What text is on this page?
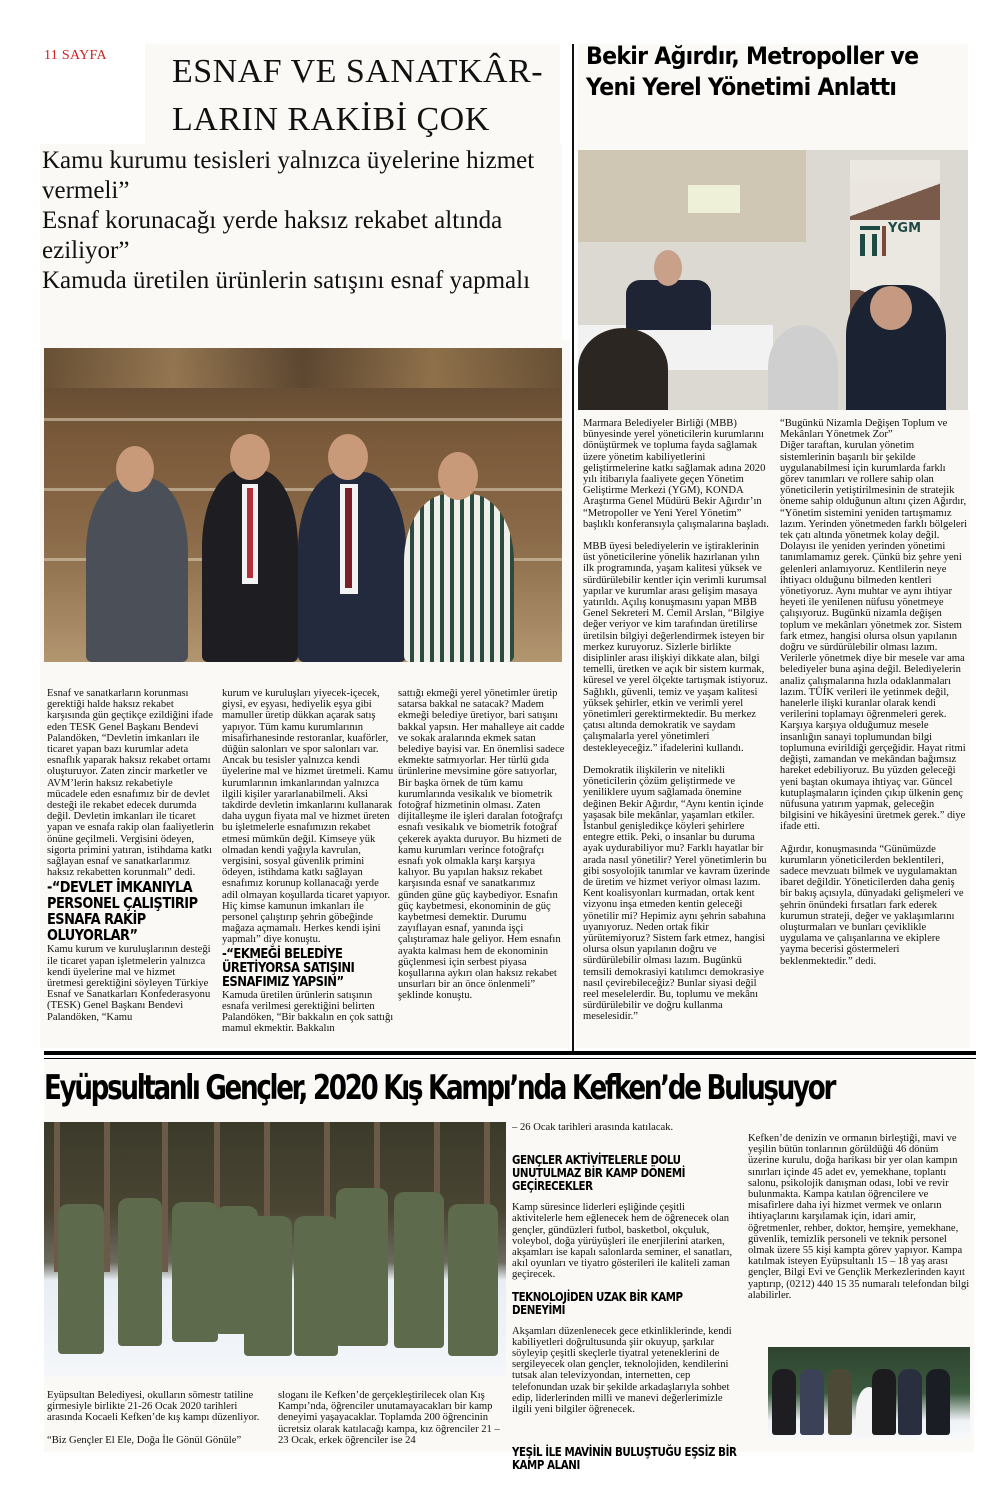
11 SAYFA ESNAF VE SANATKÂR-LARIN RAKİBİ ÇOK

Kamu kurumu tesisleri yalnızca üyelerine hizmet vermeli”

Esnaf korunacağı yerde haksız rekabet altında eziliyor”

Kamuda üretilen ürünlerin satışını esnaf yapmalı

Esnaf ve sanatkarların korunması gerektiği halde haksız rekabet karşısında gün geçtikçe ezildiğini ifade eden TESK Genel Başkanı Bendevi Palandöken, “Devletin imkanları ile ticaret yapan bazı kurumlar adeta esnaflık yaparak haksız rekabet ortamı oluşturuyor. Zaten zincir marketler ve AVM’lerin haksız rekabetiyle mücadele eden esnafımız bir de devlet desteği ile rekabet edecek durumda değil. Devletin imkanları ile ticaret yapan ve esnafa rakip olan faaliyetlerin önüne geçilmeli. Vergisini ödeyen, sigorta primini yatıran, istihdama katkı sağlayan esnaf ve sanatkarlarımız haksız rekabetten korunmalı” dedi.

-“DEVLET İMKANIYLA PERSONEL ÇALIŞTIRIP ESNAFA RAKİP OLUYORLAR”

Kamu kurum ve kuruluşlarının desteği ile ticaret yapan işletmelerin yalnızca kendi üyelerine mal ve hizmet üretmesi gerektiğini söyleyen Türkiye Esnaf ve Sanatkarları Konfederasyonu (TESK) Genel Başkanı Bendevi Palandöken, “Kamu

kurum ve kuruluşları yiyecek-içecek, giysi, ev eşyası, hediyelik eşya gibi mamuller üretip dükkan açarak satış yapıyor. Tüm kamu kurumlarının misafirhanesinde restoranlar, kuaförler, düğün salonları ve spor salonları var. Ancak bu tesisler yalnızca kendi üyelerine mal ve hizmet üretmeli. Kamu kurumlarının imkanlarından yalnızca ilgili kişiler yararlanabilmeli. Aksi takdirde devletin imkanlarını kullanarak daha uygun fiyata mal ve hizmet üreten bu işletmelerle esnafımızın rekabet etmesi mümkün değil. Kimseye yük olmadan kendi yağıyla kavrulan, vergisini, sosyal güvenlik primini ödeyen, istihdama katkı sağlayan esnafımız korunup kollanacağı yerde adil olmayan koşullarda ticaret yapıyor. Hiç kimse kamunun imkanları ile personel çalıştırıp şehrin göbeğinde mağaza açmamalı. Herkes kendi işini yapmalı” diye konuştu.

-“EKMEĞİ BELEDİYE ÜRETİYORSA SATIŞINI ESNAFIMIZ YAPSIN”

Kamuda üretilen ürünlerin satışının esnafa verilmesi gerektiğini belirten Palandöken, “Bir bakkalın en çok sattığı mamul ekmektir. Bakkalın

sattığı ekmeği yerel yönetimler üretip satarsa bakkal ne satacak? Madem ekmeği belediye üretiyor, bari satışını bakkal yapsın. Her mahalleye ait cadde ve sokak aralarında ekmek satan belediye bayisi var. En önemlisi sadece ekmekte satmıyorlar. Her türlü gıda ürünlerine mevsimine göre satıyorlar, Bir başka örnek de tüm kamu kurumlarında vesikalık ve biometrik fotoğraf hizmetinin olması. Zaten dijitalleşme ile işleri daralan fotoğrafçı esnafı vesikalık ve biometrik fotoğraf çekerek ayakta duruyor. Bu hizmeti de kamu kurumları verince fotoğrafçı esnafı yok olmakla karşı karşıya kalıyor. Bu yapılan haksız rekabet karşısında esnaf ve sanatkarımız günden güne güç kaybediyor. Esnafın güç kaybetmesi, ekonominin de güç kaybetmesi demektir. Durumu zayıflayan esnaf, yanında işçi çalıştıramaz hale geliyor. Hem esnafın ayakta kalması hem de ekonominin güçlenmesi için serbest piyasa koşullarına aykırı olan haksız rekabet unsurları bir an önce önlenmeli” şeklinde konuştu.

Bekir Ağırdır, Metropoller ve Yeni Yerel Yönetimi Anlattı
YGM

Marmara Belediyeler Birliği (MBB) bünyesinde yerel yöneticilerin kurumlarını dönüştürmek ve topluma fayda sağlamak üzere yönetim kabiliyetlerini geliştirmelerine katkı sağlamak adına 2020 yılı itibarıyla faaliyete geçen Yönetim Geliştirme Merkezi (YGM), KONDA Araştırma Genel Müdürü Bekir Ağırdır’ın “Metropoller ve Yeni Yerel Yönetim” başlıklı konferansıyla çalışmalarına başladı.

MBB üyesi belediyelerin ve iştiraklerinin üst yöneticilerine yönelik hazırlanan yılın ilk programında, yaşam kalitesi yüksek ve sürdürülebilir kentler için verimli kurumsal yapılar ve kurumlar arası gelişim masaya yatırıldı. Açılış konuşmasını yapan MBB Genel Sekreteri M. Cemil Arslan, “Bilgiye değer veriyor ve kim tarafından üretilirse üretilsin bilgiyi değerlendirmek isteyen bir merkez kuruyoruz. Sizlerle birlikte disiplinler arası ilişkiyi dikkate alan, bilgi temelli, üretken ve açık bir sistem kurmak, küresel ve yerel ölçekte tartışmak istiyoruz. Sağlıklı, güvenli, temiz ve yaşam kalitesi yüksek şehirler, etkin ve verimli yerel yönetimleri gerektirmektedir. Bu merkez çatısı altında demokratik ve saydam çalışmalarla yerel yönetimleri destekleyeceğiz.” ifadelerini kullandı.

Demokratik ilişkilerin ve nitelikli yöneticilerin çözüm geliştirmede ve yeniliklere uyum sağlamada önemine değinen Bekir Ağırdır, “Aynı kentin içinde yaşasak bile mekânlar, yaşamları etkiler. İstanbul genişledikçe köyleri şehirlere entegre ettik. Peki, o insanlar bu duruma ayak uydurabiliyor mu? Farklı hayatlar bir arada nasıl yönetilir? Yerel yönetimlerin bu gibi sosyolojik tanımlar ve kavram üzerinde de üretim ve hizmet veriyor olması lazım. Kent koalisyonları kurmadan, ortak kent vizyonu inşa etmeden kentin geleceği yönetilir mi? Hepimiz aynı şehrin sabahına uyanıyoruz. Neden ortak fikir yürütemiyoruz? Sistem fark etmez, hangisi olursa olsun yapılanın doğru ve sürdürülebilir olması lazım. Bugünkü temsili demokrasiyi katılımcı demokrasiye nasıl çevirebileceğiz? Bunlar siyasi değil reel meselelerdir. Bu, toplumu ve mekânı sürdürülebilir ve doğru kullanma meselesidir.”

“Bugünkü Nizamla Değişen Toplum ve Mekânları Yönetmek Zor”

Diğer taraftan, kurulan yönetim sistemlerinin başarılı bir şekilde uygulanabilmesi için kurumlarda farklı görev tanımları ve rollere sahip olan yöneticilerin yetiştirilmesinin de stratejik öneme sahip olduğunun altını çizen Ağırdır, “Yönetim sistemini yeniden tartışmamız lazım. Yerinden yönetmeden farklı bölgeleri tek çatı altında yönetmek kolay değil. Dolayısı ile yeniden yerinden yönetimi tanımlamamız gerek. Çünkü biz şehre yeni gelenleri anlamıyoruz. Kentlilerin neye ihtiyacı olduğunu bilmeden kentleri yönetiyoruz. Aynı muhtar ve aynı ihtiyar heyeti ile yenilenen nüfusu yönetmeye çalışıyoruz. Bugünkü nizamla değişen toplum ve mekânları yönetmek zor. Sistem fark etmez, hangisi olursa olsun yapılanın doğru ve sürdürülebilir olması lazım. Verilerle yönetmek diye bir mesele var ama belediyeler buna aşina değil. Belediyelerin analiz çalışmalarına hızla odaklanmaları lazım. TÜİK verileri ile yetinmek değil, hanelerle ilişki kuranlar olarak kendi verilerini toplamayı öğrenmeleri gerek. Karşıya karşıya olduğumuz mesele insanlığın sanayi toplumundan bilgi toplumuna evirildiği gerçeğidir. Hayat ritmi değişti, zamandan ve mekândan bağımsız hareket edebiliyoruz. Bu yüzden geleceği yeni baştan okumaya ihtiyaç var. Güncel kutuplaşmaların içinden çıkıp ülkenin genç nüfusuna yatırım yapmak, geleceğin bilgisini ve hikâyesini üretmek gerek.” diye ifade etti.

Ağırdır, konuşmasında “Günümüzde kurumların yöneticilerden beklentileri, sadece mevzuatı bilmek ve uygulamaktan ibaret değildir. Yöneticilerden daha geniş bir bakış açısıyla, dünyadaki gelişmeleri ve şehrin önündeki fırsatları fark ederek kurumun strateji, değer ve yaklaşımlarını oluşturmaları ve bunları çeviklikle uygulama ve çalışanlarına ve ekiplere yayma becerisi göstermeleri beklenmektedir.” dedi.

Eyüpsultanlı Gençler, 2020 Kış Kampı’nda Kefken’de Buluşuyor

Eyüpsultan Belediyesi, okulların sömestr tatiline girmesiyle birlikte 21-26 Ocak 2020 tarihleri arasında Kocaeli Kefken’de kış kampı düzenliyor.

“Biz Gençler El Ele, Doğa İle Gönül Gönüle”

sloganı ile Kefken’de gerçekleştirilecek olan Kış Kampı’nda, öğrenciler unutamayacakları bir kamp deneyimi yaşayacaklar. Toplamda 200 öğrencinin ücretsiz olarak katılacağı kampa, kız öğrenciler 21 – 23 Ocak, erkek öğrenciler ise 24

– 26 Ocak tarihleri arasında katılacak.

GENÇLER AKTİVİTELERLE DOLU UNUTULMAZ BİR KAMP DÖNEMİ GEÇİRECEKLER

Kamp süresince liderleri eşliğinde çeşitli aktivitelerle hem eğlenecek hem de öğrenecek olan gençler, gündüzleri futbol, basketbol, okçuluk, voleybol, doğa yürüyüşleri ile enerjilerini atarken, akşamları ise kapalı salonlarda seminer, el sanatları, akıl oyunları ve tiyatro gösterileri ile kaliteli zaman geçirecek.

TEKNOLOJİDEN UZAK BİR KAMP DENEYİMİ

Akşamları düzenlenecek gece etkinliklerinde, kendi kabiliyetleri doğrultusunda şiir okuyup, şarkılar söyleyip çeşitli skeçlerle tiyatral yeteneklerini de sergileyecek olan gençler, teknolojiden, kendilerini tutsak alan televizyondan, internetten, cep telefonundan uzak bir şekilde arkadaşlarıyla sohbet edip, liderlerinden milli ve manevi değerlerimizle ilgili yeni bilgiler öğrenecek.

YEŞİL İLE MAVİNİN BULUŞTUĞU EŞSİZ BİR KAMP ALANI

Kefken’de denizin ve ormanın birleştiği, mavi ve yeşilin bütün tonlarının görüldüğü 46 dönüm üzerine kurulu, doğa harikası bir yer olan kampın sınırları içinde 45 adet ev, yemekhane, toplantı salonu, psikolojik danışman odası, lobi ve revir bulunmakta. Kampa katılan öğrencilere ve misafirlere daha iyi hizmet vermek ve onların ihtiyaçlarını karşılamak için, idari amir, öğretmenler, rehber, doktor, hemşire, yemekhane, güvenlik, temizlik personeli ve teknik personel olmak üzere 55 kişi kampta görev yapıyor. Kampa katılmak isteyen Eyüpsultanlı 15 – 18 yaş arası gençler, Bilgi Evi ve Gençlik Merkezlerinden kayıt yaptırıp, (0212) 440 15 35 numaralı telefondan bilgi alabilirler.
